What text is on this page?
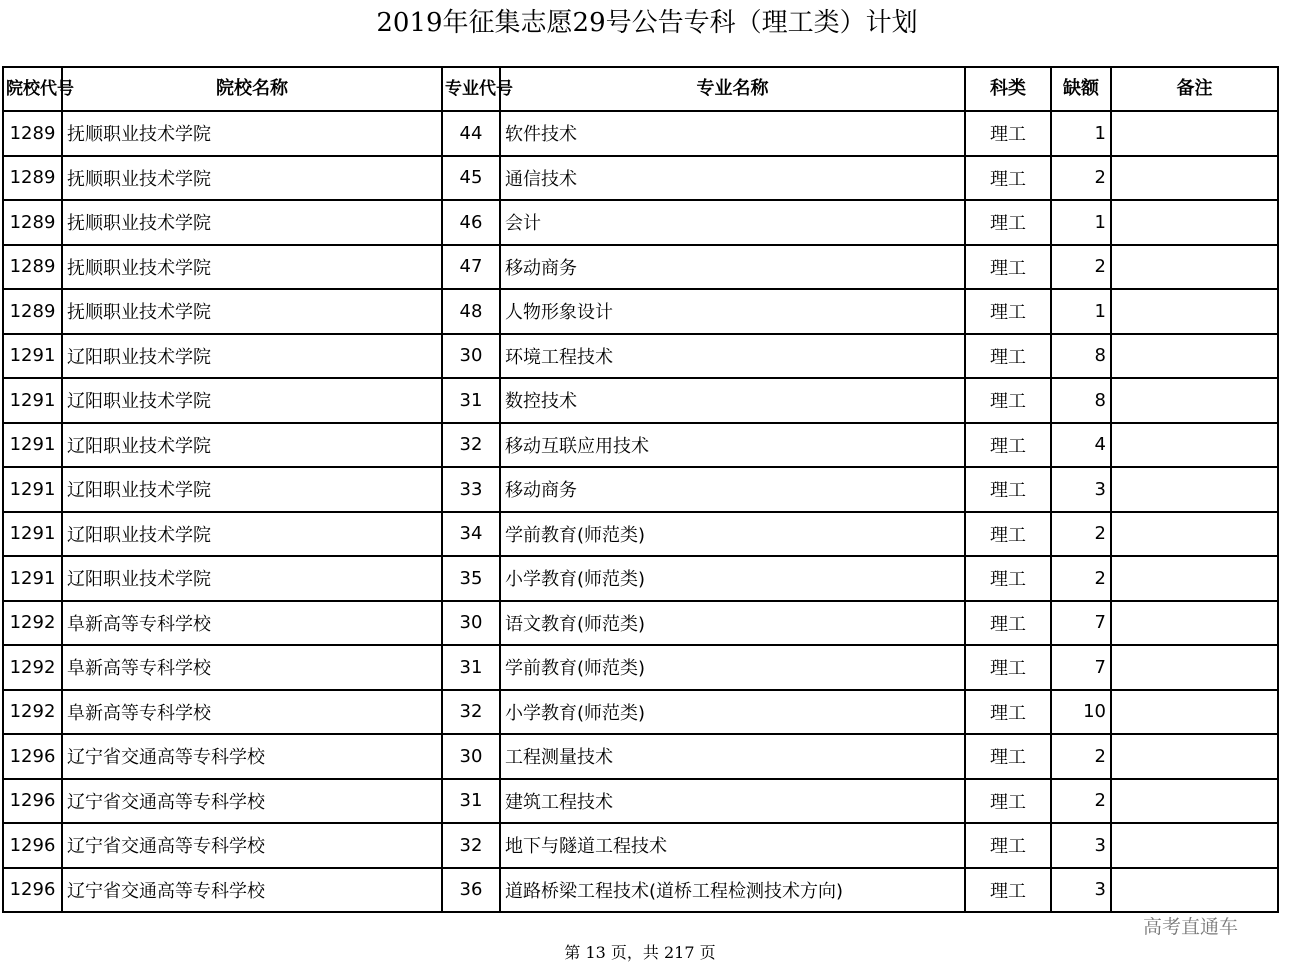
2019年征集志愿29号公告专科（理工类）计划
院校代号	院校名称	专业代号	专业名称	科类	缺额	备注
1289	抚顺职业技术学院	44	软件技术	理工	1	
1289	抚顺职业技术学院	45	通信技术	理工	2	
1289	抚顺职业技术学院	46	会计	理工	1	
1289	抚顺职业技术学院	47	移动商务	理工	2	
1289	抚顺职业技术学院	48	人物形象设计	理工	1	
1291	辽阳职业技术学院	30	环境工程技术	理工	8	
1291	辽阳职业技术学院	31	数控技术	理工	8	
1291	辽阳职业技术学院	32	移动互联应用技术	理工	4	
1291	辽阳职业技术学院	33	移动商务	理工	3	
1291	辽阳职业技术学院	34	学前教育(师范类)	理工	2	
1291	辽阳职业技术学院	35	小学教育(师范类)	理工	2	
1292	阜新高等专科学校	30	语文教育(师范类)	理工	7	
1292	阜新高等专科学校	31	学前教育(师范类)	理工	7	
1292	阜新高等专科学校	32	小学教育(师范类)	理工	10	
1296	辽宁省交通高等专科学校	30	工程测量技术	理工	2	
1296	辽宁省交通高等专科学校	31	建筑工程技术	理工	2	
1296	辽宁省交通高等专科学校	32	地下与隧道工程技术	理工	3	
1296	辽宁省交通高等专科学校	36	道路桥梁工程技术(道桥工程检测技术方向)	理工	3	
高考直通车
第 13 页，共 217 页
